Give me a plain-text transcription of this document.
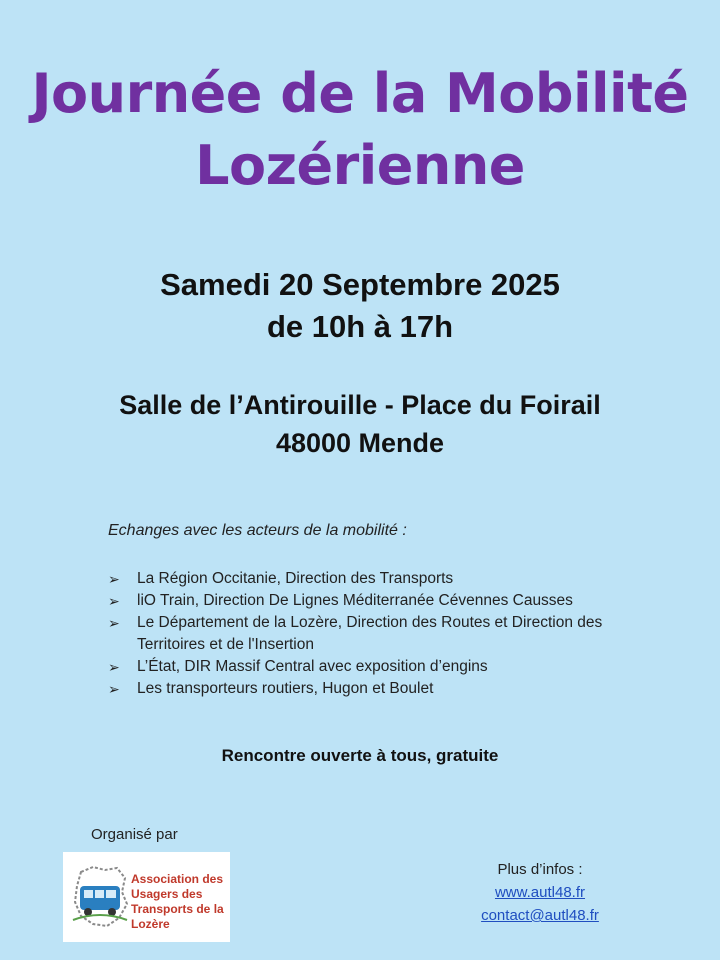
Journée de la Mobilité
Lozérienne
Samedi 20 Septembre 2025
de 10h à 17h
Salle de l’Antirouille - Place du Foirail
48000 Mende
Echanges avec les acteurs de la mobilité :
➢ La Région Occitanie, Direction des Transports
➢ liO Train, Direction De Lignes Méditerranée Cévennes Causses
➢ Le Département de la Lozère, Direction des Routes et Direction des Territoires et de l'Insertion
➢ L’État, DIR Massif Central avec exposition d’engins
➢ Les transporteurs routiers, Hugon et Boulet
Rencontre ouverte à tous, gratuite
Organisé par
Association des
Usagers des
Transports de la
Lozère
Plus d’infos :
www.autl48.fr
contact@autl48.fr
